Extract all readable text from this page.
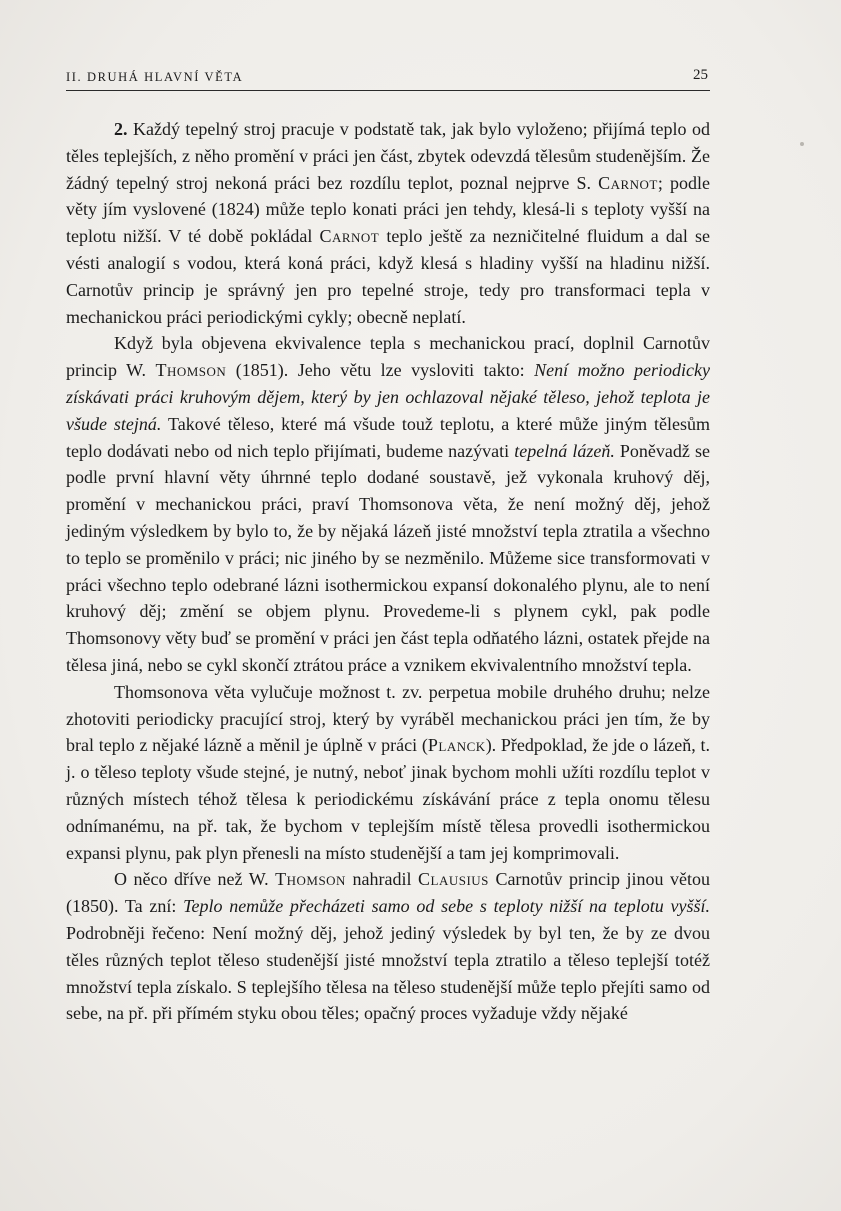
II. DRUHÁ HLAVNÍ VĚTA	25

2. Každý tepelný stroj pracuje v podstatě tak, jak bylo vyloženo; přijímá teplo od těles teplejších, z něho promění v práci jen část, zbytek odevzdá tělesům studenějším. Že žádný tepelný stroj nekoná práci bez rozdílu teplot, poznal nejprve S. Carnot; podle věty jím vyslovené (1824) může teplo konati práci jen tehdy, klesá-li s teploty vyšší na teplotu nižší. V té době pokládal Carnot teplo ještě za nezničitelné fluidum a dal se vésti analogií s vodou, která koná práci, když klesá s hladiny vyšší na hladinu nižší. Carnotův princip je správný jen pro tepelné stroje, tedy pro transformaci tepla v mechanickou práci periodickými cykly; obecně neplatí.

Když byla objevena ekvivalence tepla s mechanickou prací, doplnil Carnotův princip W. Thomson (1851). Jeho větu lze vysloviti takto: Není možno periodicky získávati práci kruhovým dějem, který by jen ochlazoval nějaké těleso, jehož teplota je všude stejná. Takové těleso, které má všude touž teplotu, a které může jiným tělesům teplo dodávati nebo od nich teplo přijímati, budeme nazývati tepelná lázeň. Poněvadž se podle první hlavní věty úhrnné teplo dodané soustavě, jež vykonala kruhový děj, promění v mechanickou práci, praví Thomsonova věta, že není možný děj, jehož jediným výsledkem by bylo to, že by nějaká lázeň jisté množství tepla ztratila a všechno to teplo se proměnilo v práci; nic jiného by se nezměnilo. Můžeme sice transformovati v práci všechno teplo odebrané lázni isothermickou expansí dokonalého plynu, ale to není kruhový děj; změní se objem plynu. Provedeme-li s plynem cykl, pak podle Thomsonovy věty buď se promění v práci jen část tepla odňatého lázni, ostatek přejde na tělesa jiná, nebo se cykl skončí ztrátou práce a vznikem ekvivalentního množství tepla.

Thomsonova věta vylučuje možnost t. zv. perpetua mobile druhého druhu; nelze zhotoviti periodicky pracující stroj, který by vyráběl mechanickou práci jen tím, že by bral teplo z nějaké lázně a měnil je úplně v práci (Planck). Předpoklad, že jde o lázeň, t. j. o těleso teploty všude stejné, je nutný, neboť jinak bychom mohli užíti rozdílu teplot v různých místech téhož tělesa k periodickému získávání práce z tepla onomu tělesu odnímanému, na př. tak, že bychom v teplejším místě tělesa provedli isothermickou expansi plynu, pak plyn přenesli na místo studenější a tam jej komprimovali.

O něco dříve než W. Thomson nahradil Clausius Carnotův princip jinou větou (1850). Ta zní: Teplo nemůže přecházeti samo od sebe s teploty nižší na teplotu vyšší. Podrobněji řečeno: Není možný děj, jehož jediný výsledek by byl ten, že by ze dvou těles různých teplot těleso studenější jisté množství tepla ztratilo a těleso teplejší totéž množství tepla získalo. S teplejšího tělesa na těleso studenější může teplo přejíti samo od sebe, na př. při přímém styku obou těles; opačný proces vyžaduje vždy nějaké
